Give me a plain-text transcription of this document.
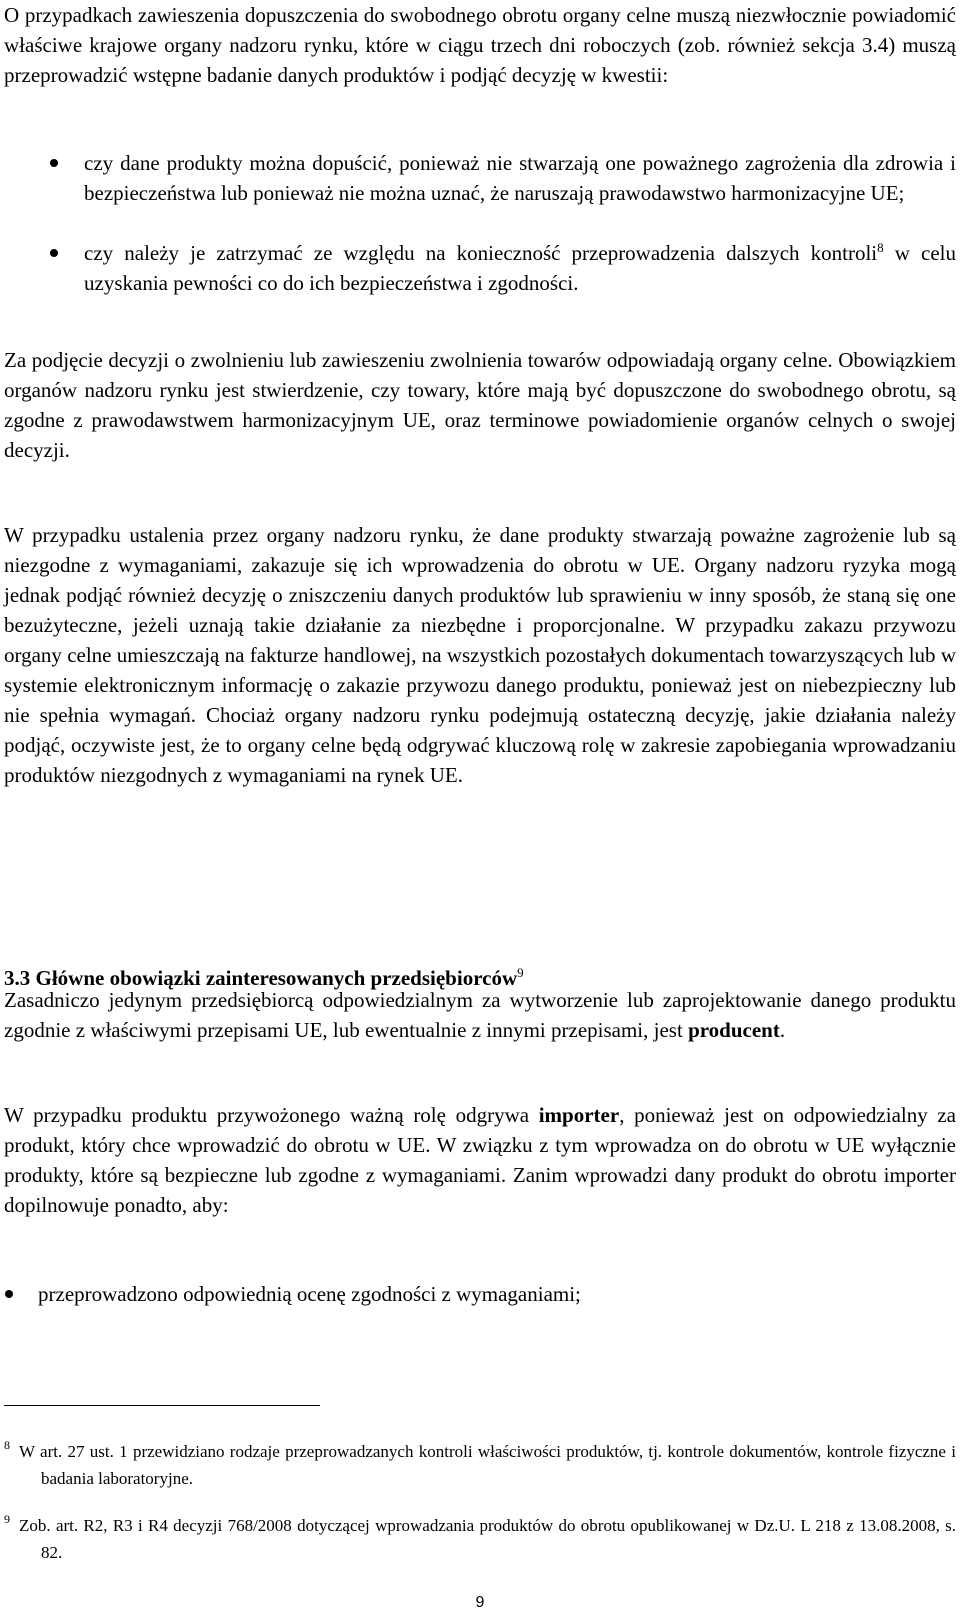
O przypadkach zawieszenia dopuszczenia do swobodnego obrotu organy celne muszą niezwłocznie powiadomić właściwe krajowe organy nadzoru rynku, które w ciągu trzech dni roboczych (zob. również sekcja 3.4) muszą przeprowadzić wstępne badanie danych produktów i podjąć decyzję w kwestii:

czy dane produkty można dopuścić, ponieważ nie stwarzają one poważnego zagrożenia dla zdrowia i bezpieczeństwa lub ponieważ nie można uznać, że naruszają prawodawstwo harmonizacyjne UE;
czy należy je zatrzymać ze względu na konieczność przeprowadzenia dalszych kontroli$^8$ w celu uzyskania pewności co do ich bezpieczeństwa i zgodności.

Za podjęcie decyzji o zwolnieniu lub zawieszeniu zwolnienia towarów odpowiadają organy celne. Obowiązkiem organów nadzoru rynku jest stwierdzenie, czy towary, które mają być dopuszczone do swobodnego obrotu, są zgodne z prawodawstwem harmonizacyjnym UE, oraz terminowe powiadomienie organów celnych o swojej decyzji.

W przypadku ustalenia przez organy nadzoru rynku, że dane produkty stwarzają poważne zagrożenie lub są niezgodne z wymaganiami, zakazuje się ich wprowadzenia do obrotu w UE. Organy nadzoru ryzyka mogą jednak podjąć również decyzję o zniszczeniu danych produktów lub sprawieniu w inny sposób, że staną się one bezużyteczne, jeżeli uznają takie działanie za niezbędne i proporcjonalne. W przypadku zakazu przywozu organy celne umieszczają na fakturze handlowej, na wszystkich pozostałych dokumentach towarzyszących lub w systemie elektronicznym informację o zakazie przywozu danego produktu, ponieważ jest on niebezpieczny lub nie spełnia wymagań. Chociaż organy nadzoru rynku podejmują ostateczną decyzję, jakie działania należy podjąć, oczywiste jest, że to organy celne będą odgrywać kluczową rolę w zakresie zapobiegania wprowadzaniu produktów niezgodnych z wymaganiami na rynek UE.

3.3 Główne obowiązki zainteresowanych przedsiębiorców$^9$

Zasadniczo jedynym przedsiębiorcą odpowiedzialnym za wytworzenie lub zaprojektowanie danego produktu zgodnie z właściwymi przepisami UE, lub ewentualnie z innymi przepisami, jest producent.

W przypadku produktu przywożonego ważną rolę odgrywa importer, ponieważ jest on odpowiedzialny za produkt, który chce wprowadzić do obrotu w UE. W związku z tym wprowadza on do obrotu w UE wyłącznie produkty, które są bezpieczne lub zgodne z wymaganiami. Zanim wprowadzi dany produkt do obrotu importer dopilnowuje ponadto, aby:

przeprowadzono odpowiednią ocenę zgodności z wymaganiami;
8 W art. 27 ust. 1 przewidziano rodzaje przeprowadzanych kontroli właściwości produktów, tj. kontrole dokumentów, kontrole fizyczne i badania laboratoryjne.
9 Zob. art. R2, R3 i R4 decyzji 768/2008 dotyczącej wprowadzania produktów do obrotu opublikowanej w Dz.U. L 218 z 13.08.2008, s. 82.
9
